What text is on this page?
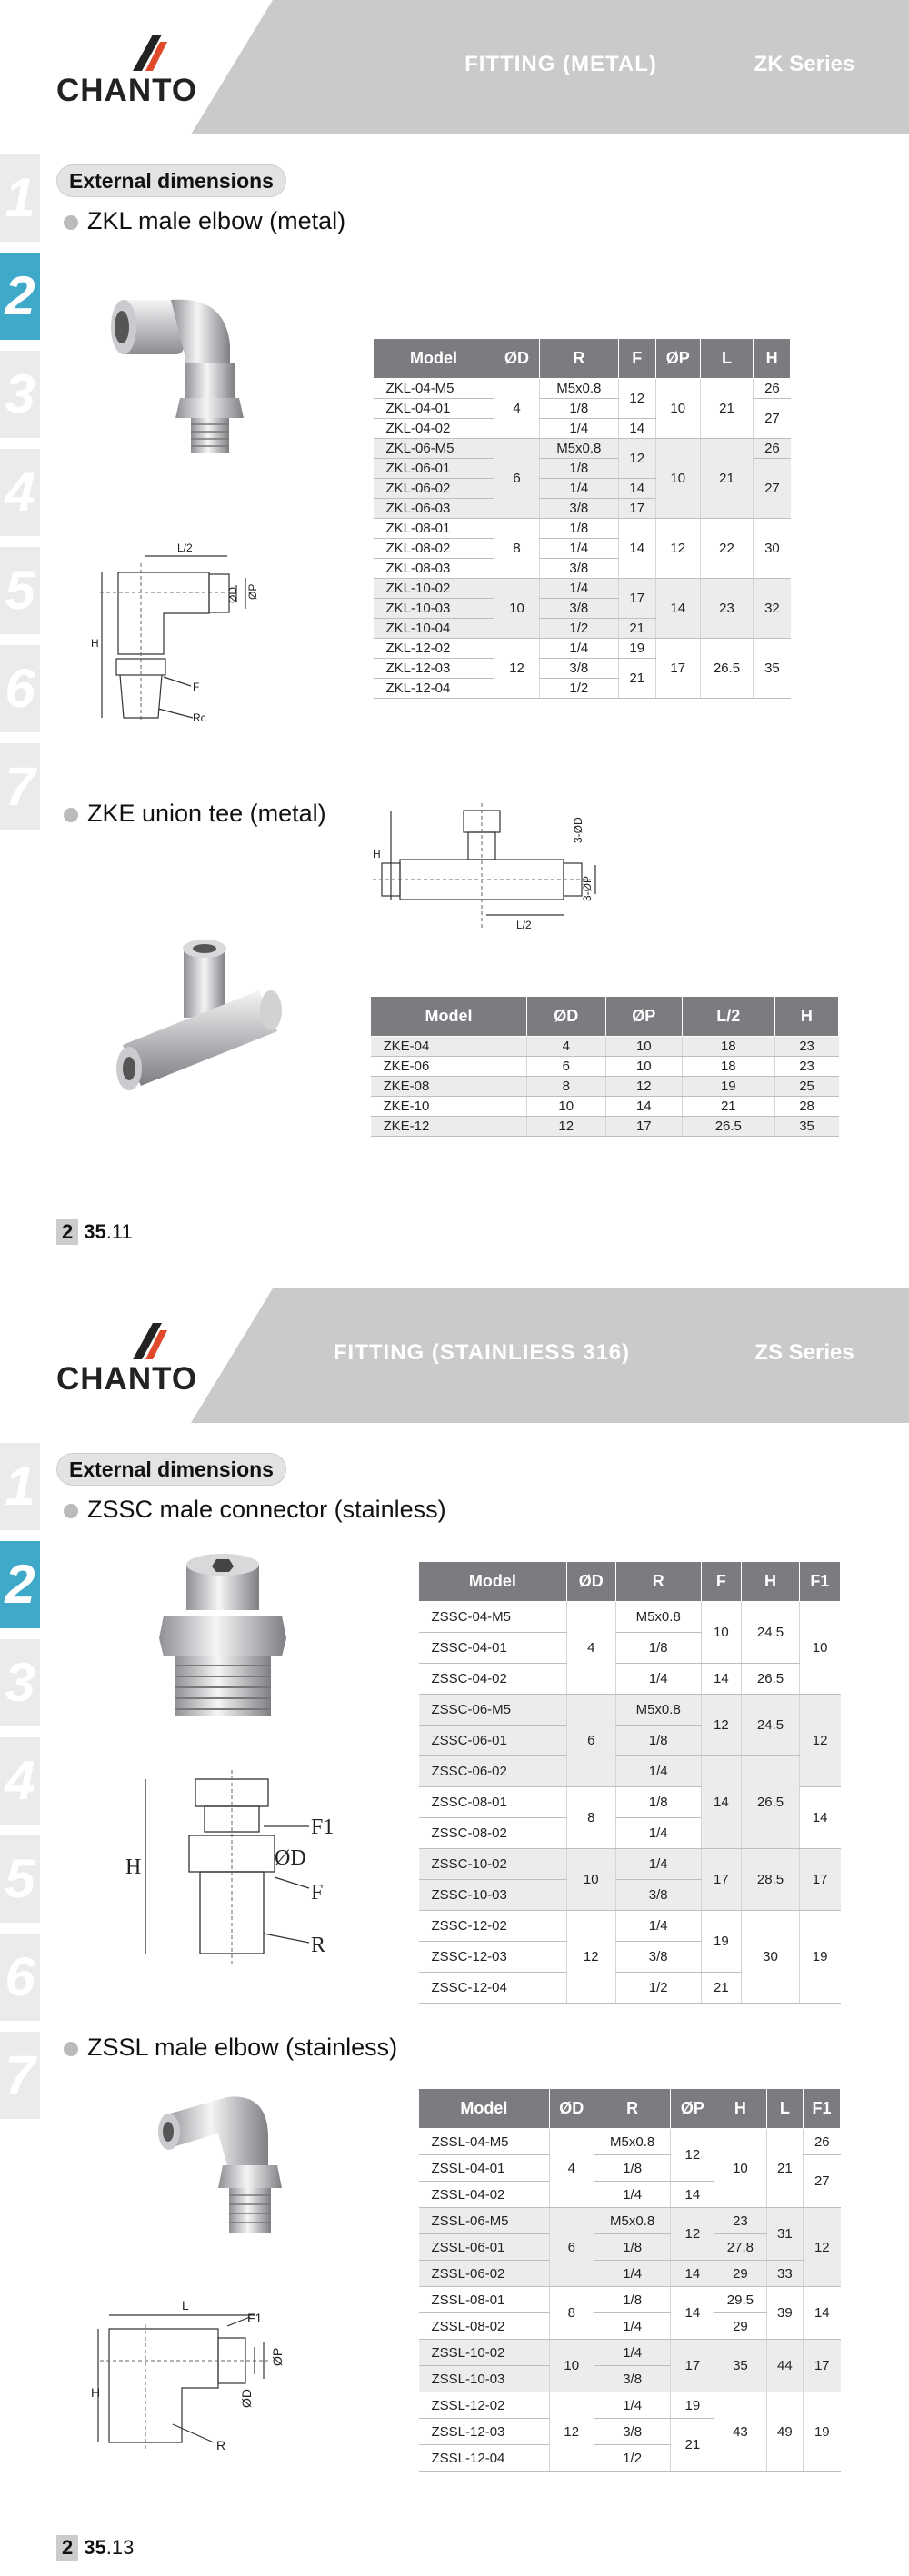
FITTING (METAL)	ZK Series
CHANTO
1
2
3
4
5
6
7
External dimensions
ZKL male elbow (metal)
L/2
ØP
ØD
H
F
Rc
Model	ØD	R	F	ØP	L	H
ZKL-04-M5	4	M5x0.8	12	10	21	26
ZKL-04-01		1/8				27
ZKL-04-02		1/4	14			
ZKL-06-M5	6	M5x0.8	12	10	21	26
ZKL-06-01		1/8				27
ZKL-06-02		1/4	14			
ZKL-06-03		3/8	17			
ZKL-08-01	8	1/8	14	12	22	30
ZKL-08-02		1/4				
ZKL-08-03		3/8				
ZKL-10-02	10	1/4	17	14	23	32
ZKL-10-03		3/8				
ZKL-10-04		1/2	21			
ZKL-12-02	12	1/4	19	17	26.5	35
ZKL-12-03		3/8	21			
ZKL-12-04		1/2				
ZKE union tee (metal)
H
3-ØD
3-ØP
L/2
Model	ØD	ØP	L/2	H
ZKE-04	4	10	18	23
ZKE-06	6	10	18	23
ZKE-08	8	12	19	25
ZKE-10	10	14	21	28
ZKE-12	12	17	26.5	35
2 35.11
FITTING (STAINLIESS 316)	ZS Series
CHANTO
1
2
3
4
5
6
7
External dimensions
ZSSC male connector (stainless)
F1
ØD
H
F
R
Model	ØD	R	F	H	F1
ZSSC-04-M5	4	M5x0.8	10	24.5	10
ZSSC-04-01		1/8			
ZSSC-04-02		1/4	14	26.5	
ZSSC-06-M5	6	M5x0.8	12	24.5	12
ZSSC-06-01		1/8			
ZSSC-06-02		1/4	14	26.5	
ZSSC-08-01	8	1/8			14
ZSSC-08-02		1/4			
ZSSC-10-02	10	1/4	17	28.5	17
ZSSC-10-03		3/8			
ZSSC-12-02	12	1/4	19	30	19
ZSSC-12-03		3/8			
ZSSC-12-04		1/2	21		
ZSSL male elbow (stainless)
L
F1
ØP
ØD
H
R
Model	ØD	R	ØP	H	L	F1
ZSSL-04-M5	4	M5x0.8	12	10	21	26
ZSSL-04-01		1/8				27
ZSSL-04-02		1/4	14			
ZSSL-06-M5	6	M5x0.8	12	23	31	12
ZSSL-06-01		1/8		27.8		
ZSSL-06-02		1/4	14	29	33	
ZSSL-08-01	8	1/8	14	29.5	39	14
ZSSL-08-02		1/4		29		
ZSSL-10-02	10	1/4	17	35	44	17
ZSSL-10-03		3/8				
ZSSL-12-02	12	1/4	19	43	49	19
ZSSL-12-03		3/8	21			
ZSSL-12-04		1/2				
2 35.13
